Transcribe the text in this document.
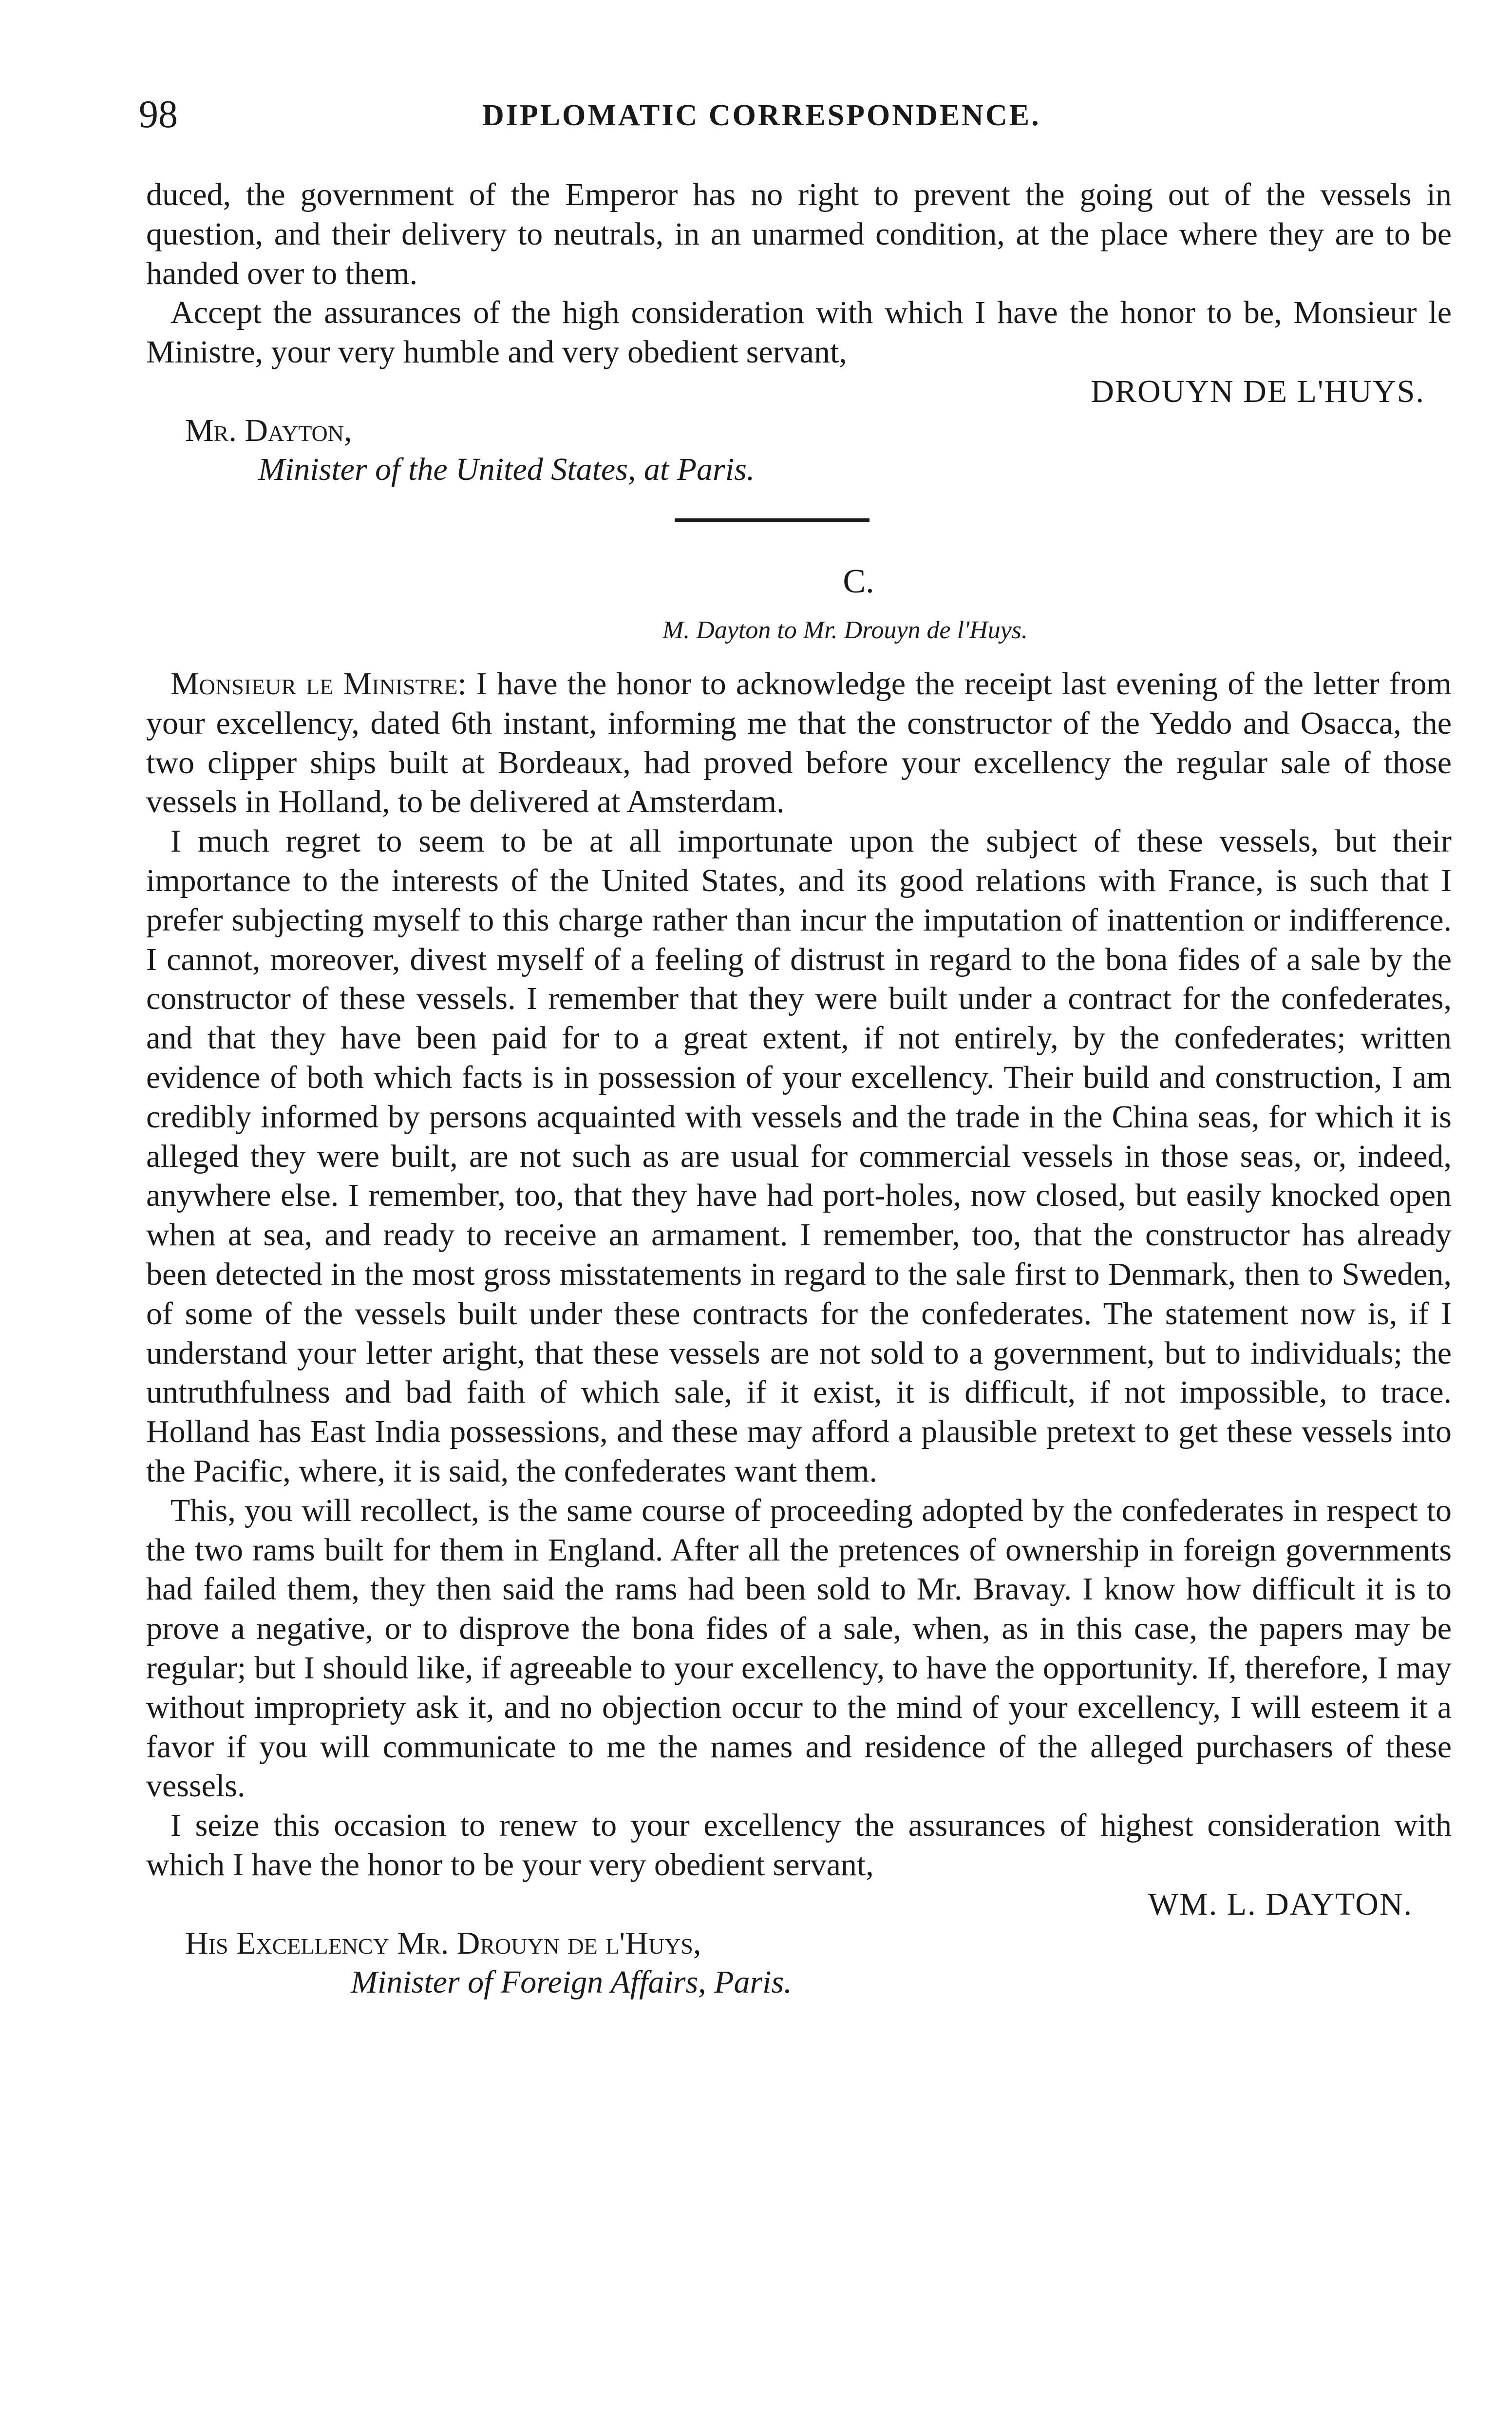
98	DIPLOMATIC CORRESPONDENCE.

duced, the government of the Emperor has no right to prevent the going out of the vessels in question, and their delivery to neutrals, in an unarmed condition, at the place where they are to be handed over to them.

Accept the assurances of the high consideration with which I have the honor to be, Monsieur le Ministre, your very humble and very obedient servant,

DROUYN DE L'HUYS.
Mr. Dayton,
Minister of the United States, at Paris.
C.
M. Dayton to Mr. Drouyn de l'Huys.

Monsieur le Ministre: I have the honor to acknowledge the receipt last evening of the letter from your excellency, dated 6th instant, informing me that the constructor of the Yeddo and Osacca, the two clipper ships built at Bordeaux, had proved before your excellency the regular sale of those vessels in Holland, to be delivered at Amsterdam.

I much regret to seem to be at all importunate upon the subject of these vessels, but their importance to the interests of the United States, and its good relations with France, is such that I prefer subjecting myself to this charge rather than incur the imputation of inattention or indifference. I cannot, moreover, divest myself of a feeling of distrust in regard to the bona fides of a sale by the constructor of these vessels. I remember that they were built under a contract for the confederates, and that they have been paid for to a great extent, if not entirely, by the confederates; written evidence of both which facts is in possession of your excellency. Their build and construction, I am credibly informed by persons acquainted with vessels and the trade in the China seas, for which it is alleged they were built, are not such as are usual for commercial vessels in those seas, or, indeed, anywhere else. I remember, too, that they have had port-holes, now closed, but easily knocked open when at sea, and ready to receive an armament. I remember, too, that the constructor has already been detected in the most gross misstatements in regard to the sale first to Denmark, then to Sweden, of some of the vessels built under these contracts for the confederates. The statement now is, if I understand your letter aright, that these vessels are not sold to a government, but to individuals; the untruthfulness and bad faith of which sale, if it exist, it is difficult, if not impossible, to trace. Holland has East India possessions, and these may afford a plausible pretext to get these vessels into the Pacific, where, it is said, the confederates want them.

This, you will recollect, is the same course of proceeding adopted by the confederates in respect to the two rams built for them in England. After all the pretences of ownership in foreign governments had failed them, they then said the rams had been sold to Mr. Bravay. I know how difficult it is to prove a negative, or to disprove the bona fides of a sale, when, as in this case, the papers may be regular; but I should like, if agreeable to your excellency, to have the opportunity. If, therefore, I may without impropriety ask it, and no objection occur to the mind of your excellency, I will esteem it a favor if you will communicate to me the names and residence of the alleged purchasers of these vessels.

I seize this occasion to renew to your excellency the assurances of highest consideration with which I have the honor to be your very obedient servant,

WM. L. DAYTON.
His Excellency Mr. Drouyn de l'Huys,
Minister of Foreign Affairs, Paris.
